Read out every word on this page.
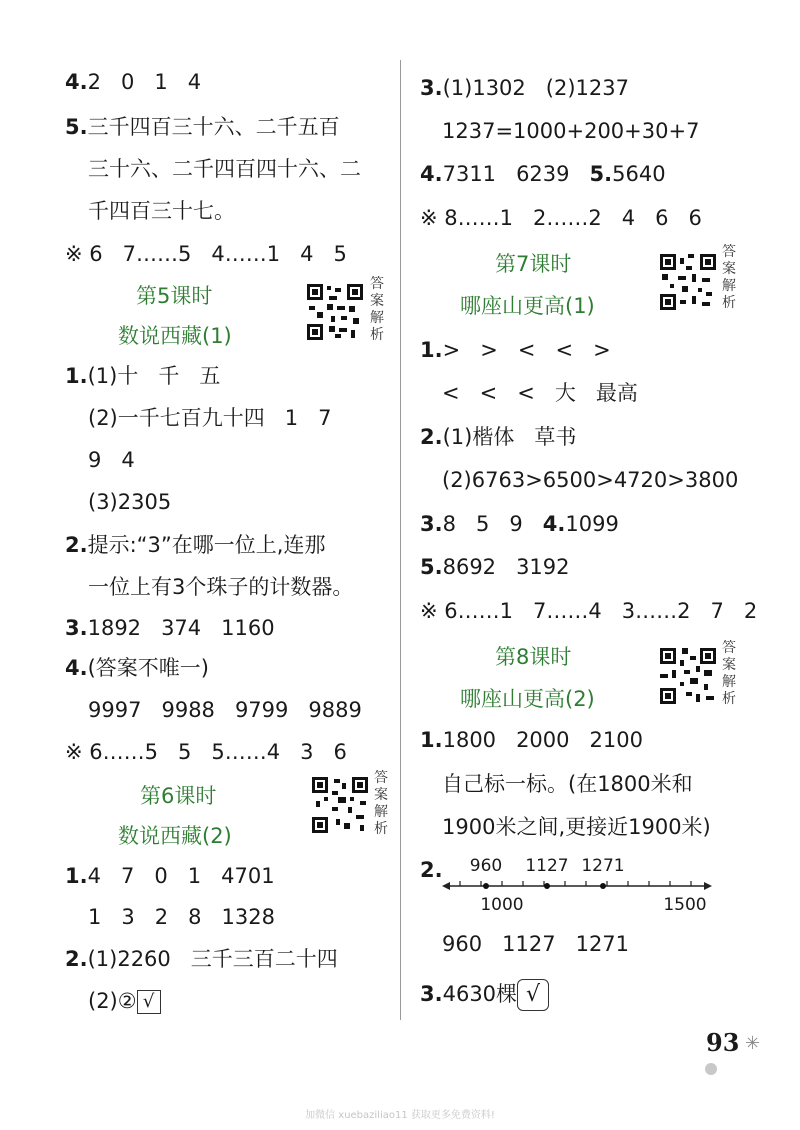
4.2   0   1   4
5.三千四百三十六、二千五百
三十六、二千四百四十六、二
千四百三十七。
※ 6   7……5   4……1   4   5
第5课时
数说西藏(1)
答
案
解
析
1.(1)十   千   五
(2)一千七百九十四   1   7
9   4
(3)2305
2.提示:“3”在哪一位上,连那
一位上有3个珠子的计数器。
3.1892   374   1160
4.(答案不唯一)
9997   9988   9799   9889
※ 6……5   5   5……4   3   6
第6课时
数说西藏(2)
答
案
解
析
1.4   7   0   1   4701
1   3   2   8   1328
2.(1)2260   三千三百二十四
(2)② √
3.(1)1302   (2)1237
1237=1000+200+30+7
4.7311   6239   5.5640
※ 8……1   2……2   4   6   6
第7课时
哪座山更高(1)
答
案
解
析
1.>   >   <   <   >
<   <   <   大   最高
2.(1)楷体   草书
(2)6763>6500>4720>3800
3.8   5   9   4.1099
5.8692   3192
※ 6……1   7……4   3……2   7   2
第8课时
哪座山更高(2)
答
案
解
析
1.1800   2000   2100
自己标一标。(在1800米和
1900米之间,更接近1900米)
2. 960 1127 1271
1000	1500
960   1127   1271
3.4630棵 √
93 ✳
加微信 xuebaziliao11 获取更多免费资料!
